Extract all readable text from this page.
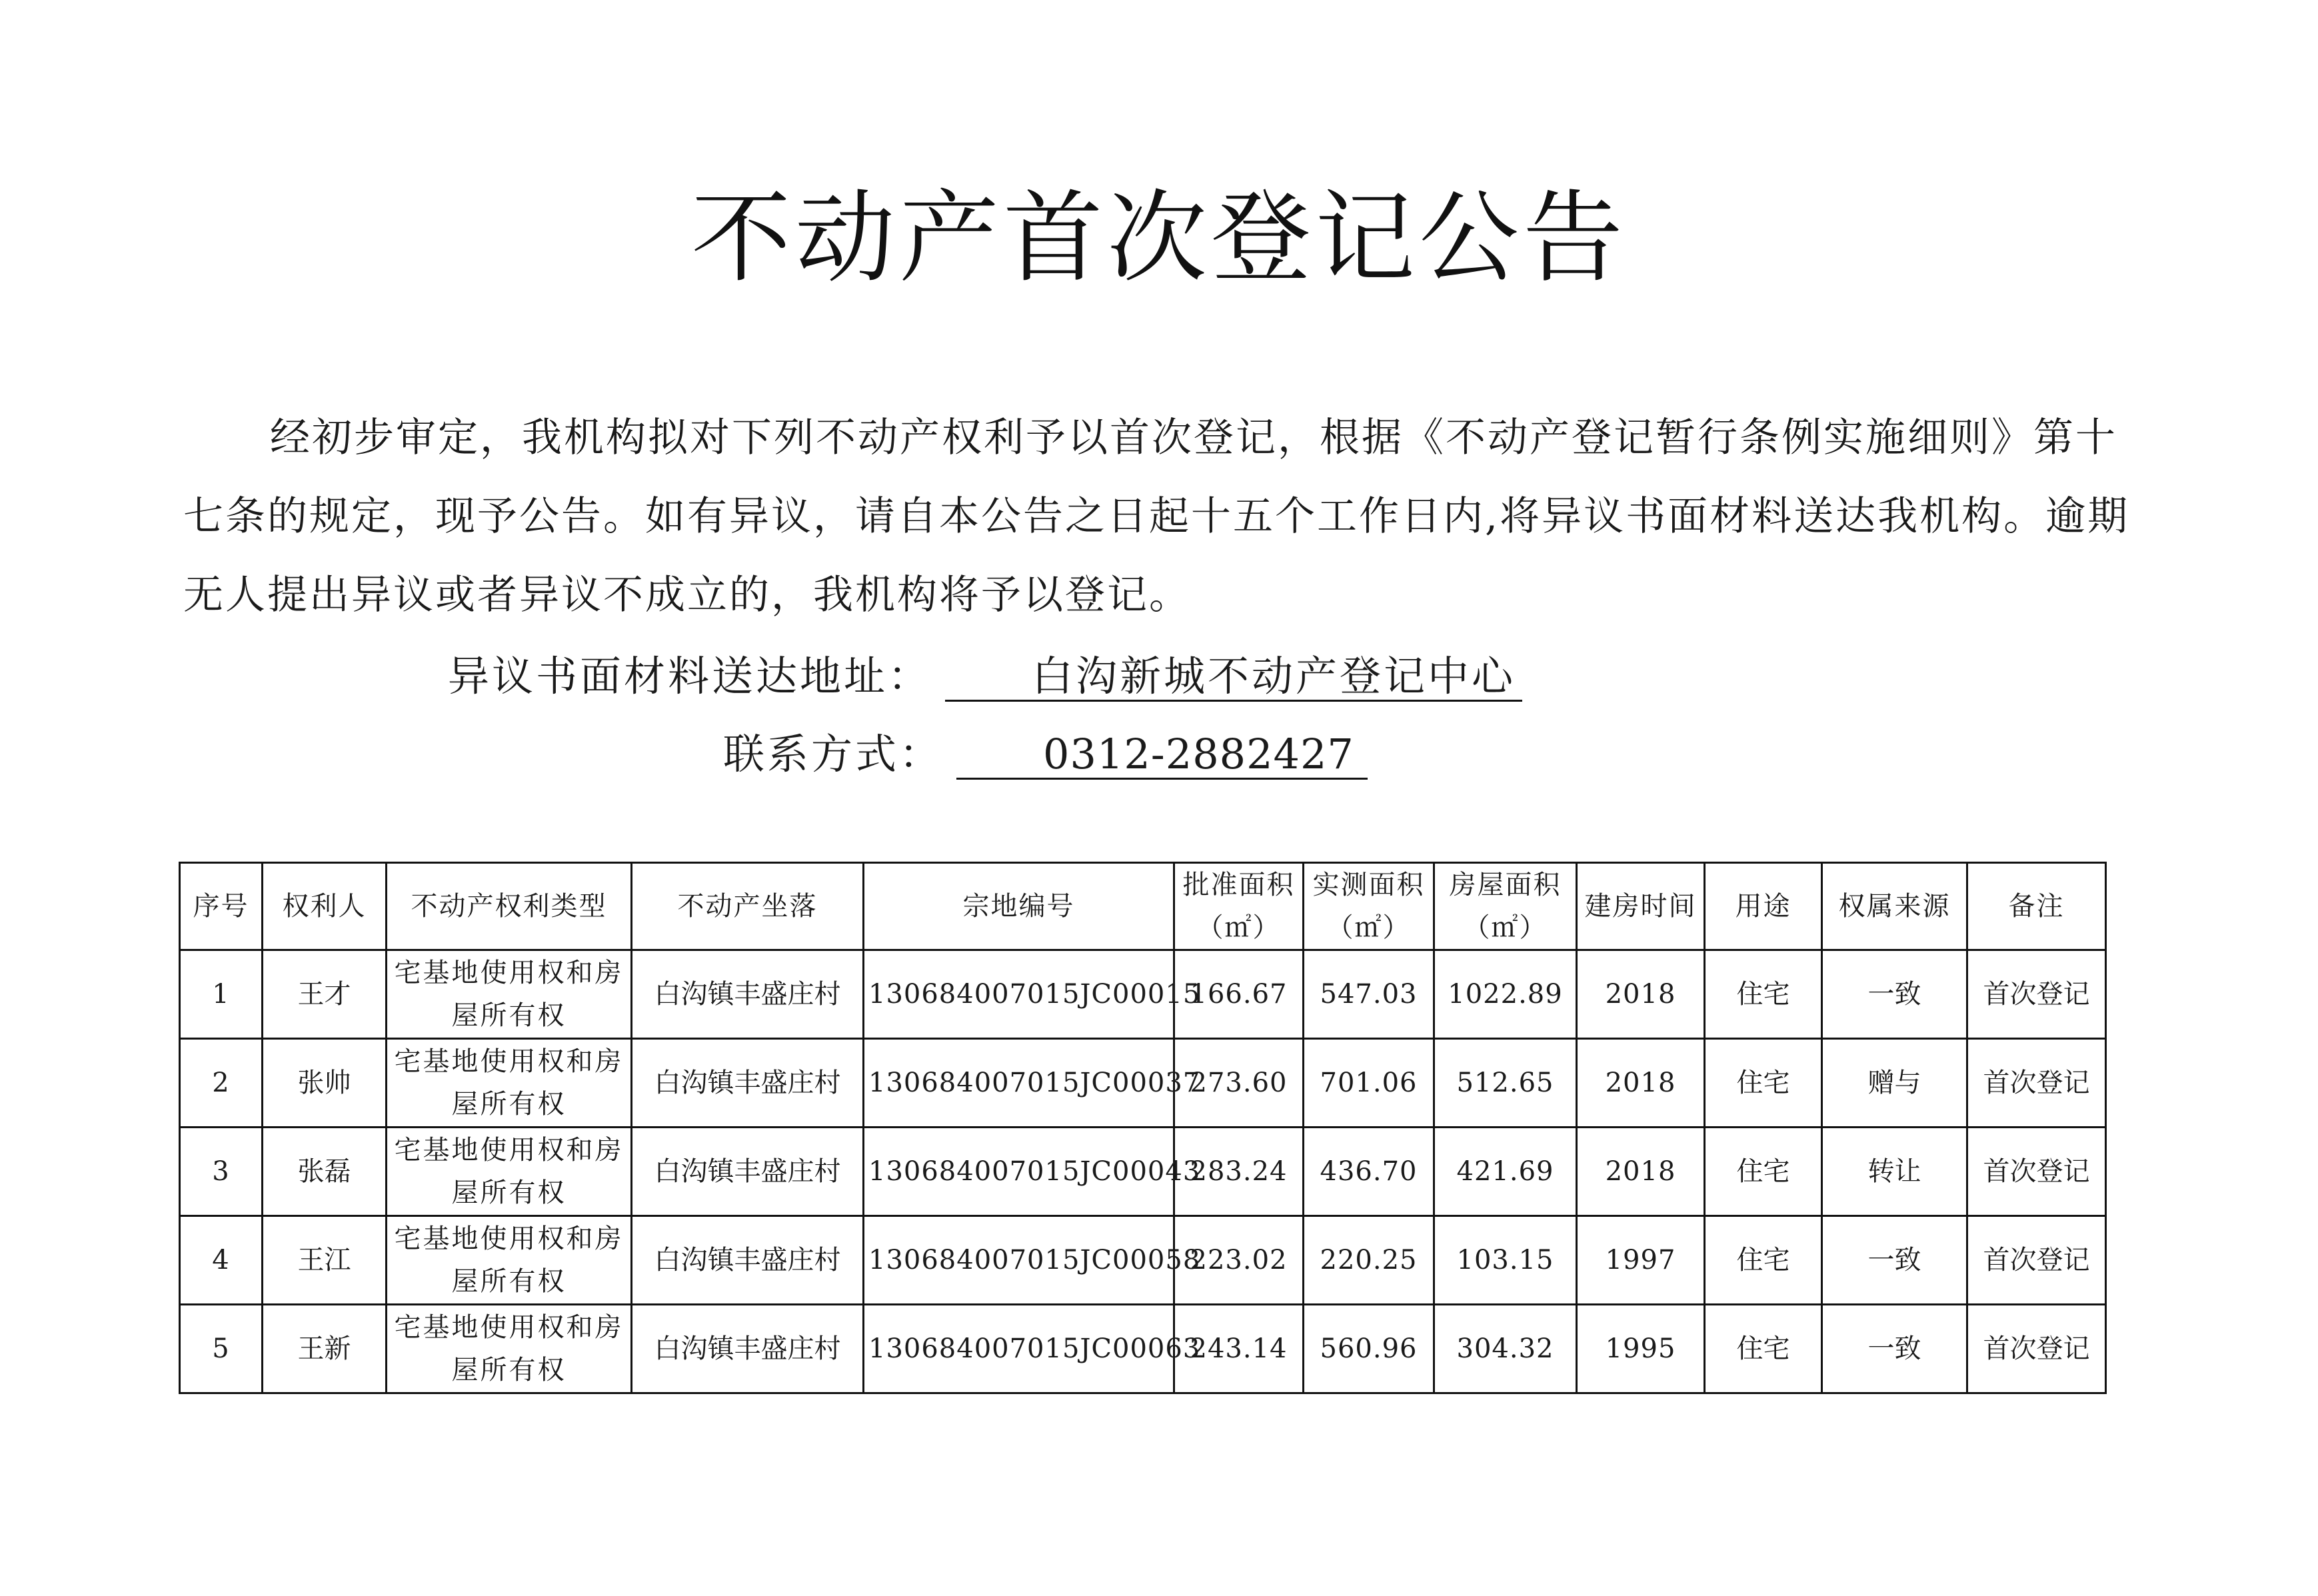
不动产首次登记公告

经初步审定，我机构拟对下列不动产权利予以首次登记，根据《不动产登记暂行条例实施细则》第十七条的规定，现予公告。如有异议，请自本公告之日起十五个工作日内,将异议书面材料送达我机构。逾期无人提出异议或者异议不成立的，我机构将予以登记。

异议书面材料送达地址： 白沟新城不动产登记中心
联系方式： 0312-2882427
序号	权利人	不动产权利类型	不动产坐落	宗地编号	批准面积（㎡）	实测面积（㎡）	房屋面积（㎡）	建房时间	用途	权属来源	备注
1	王才	宅基地使用权和房屋所有权	白沟镇丰盛庄村	130684007015JC00015	166.67	547.03	1022.89	2018	住宅	一致	首次登记
2	张帅	宅基地使用权和房屋所有权	白沟镇丰盛庄村	130684007015JC00037	273.60	701.06	512.65	2018	住宅	赠与	首次登记
3	张磊	宅基地使用权和房屋所有权	白沟镇丰盛庄村	130684007015JC00043	283.24	436.70	421.69	2018	住宅	转让	首次登记
4	王江	宅基地使用权和房屋所有权	白沟镇丰盛庄村	130684007015JC00058	223.02	220.25	103.15	1997	住宅	一致	首次登记
5	王新	宅基地使用权和房屋所有权	白沟镇丰盛庄村	130684007015JC00063	243.14	560.96	304.32	1995	住宅	一致	首次登记
